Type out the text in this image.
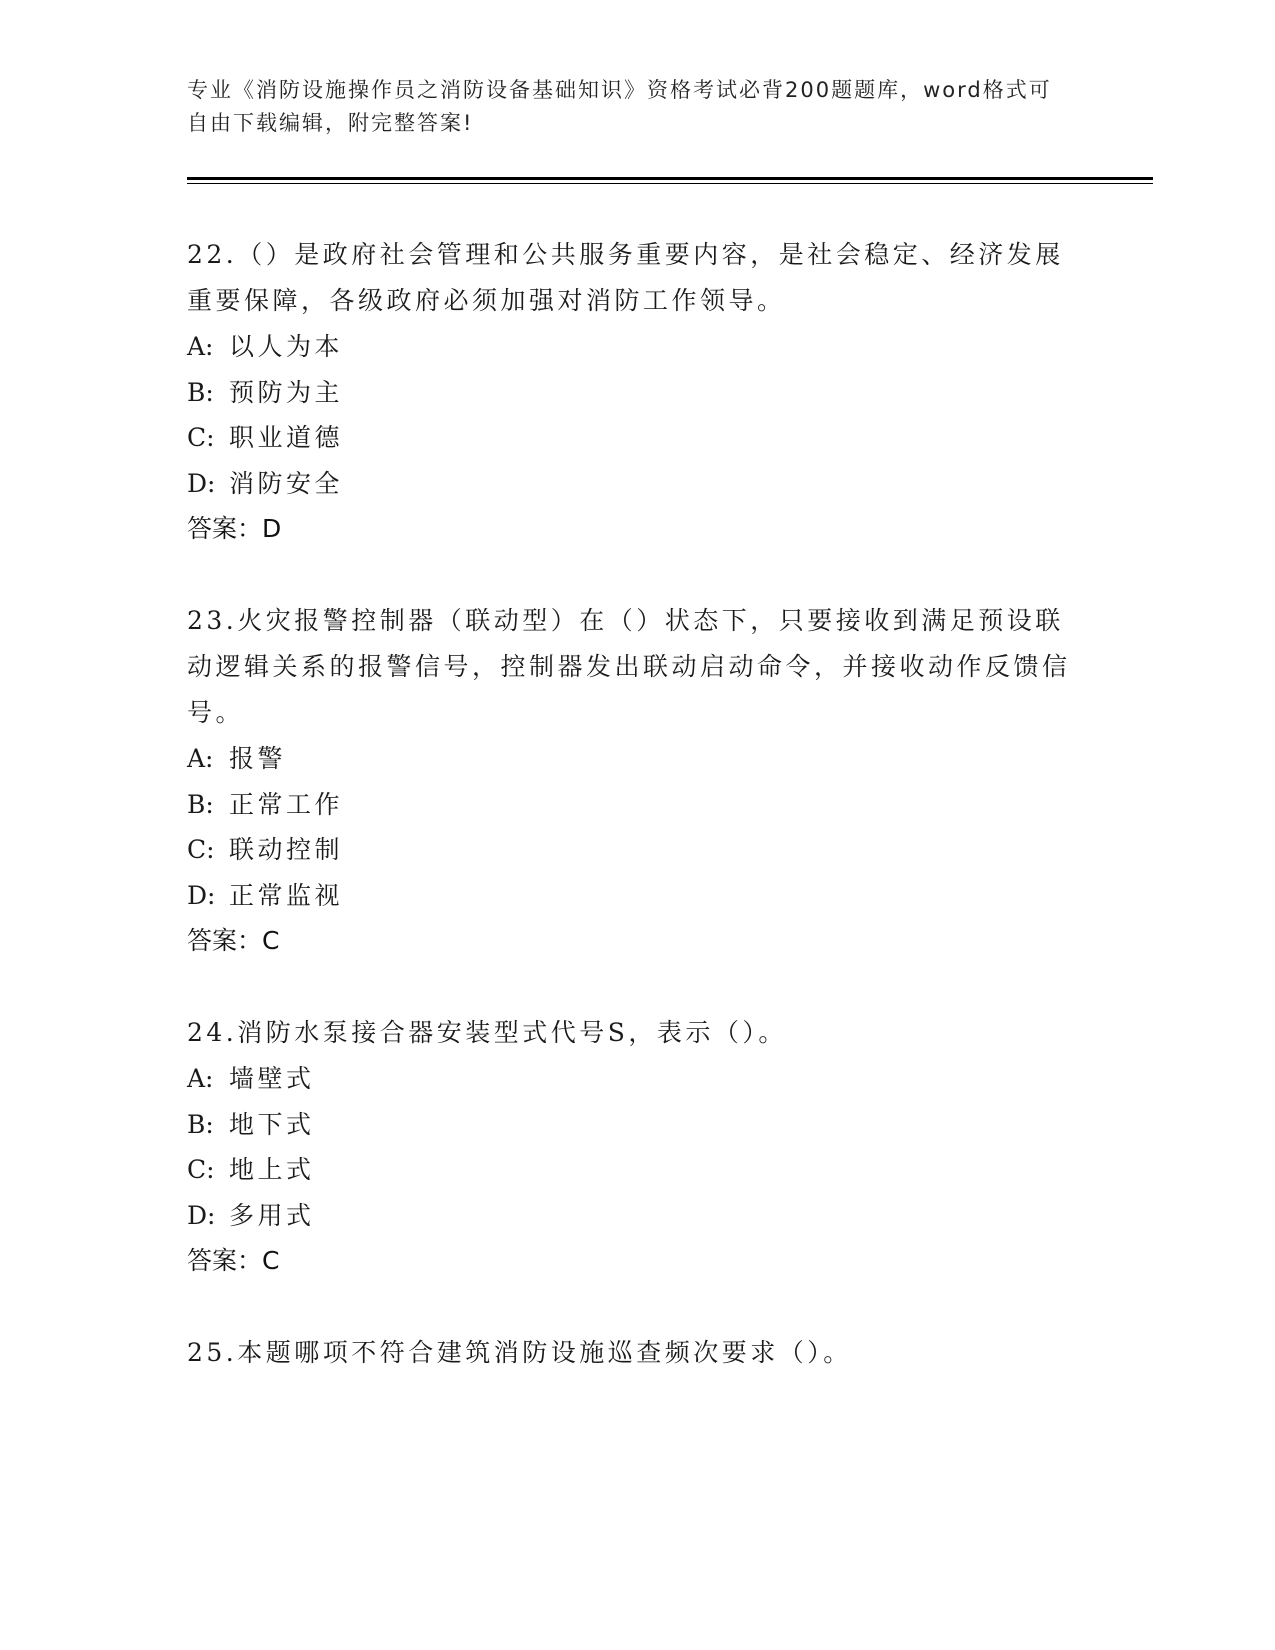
专业《消防设施操作员之消防设备基础知识》资格考试必背200题题库，word格式可自由下载编辑，附完整答案!

22.（）是政府社会管理和公共服务重要内容，是社会稳定、经济发展重要保障，各级政府必须加强对消防工作领导。

A: 以人为本

B: 预防为主

C: 职业道德

D: 消防安全

答案：D

23.火灾报警控制器（联动型）在（）状态下，只要接收到满足预设联动逻辑关系的报警信号，控制器发出联动启动命令，并接收动作反馈信号。

A: 报警

B: 正常工作

C: 联动控制

D: 正常监视

答案：C

24.消防水泵接合器安装型式代号S，表示（）。

A: 墙壁式

B: 地下式

C: 地上式

D: 多用式

答案：C

25.本题哪项不符合建筑消防设施巡查频次要求（）。
